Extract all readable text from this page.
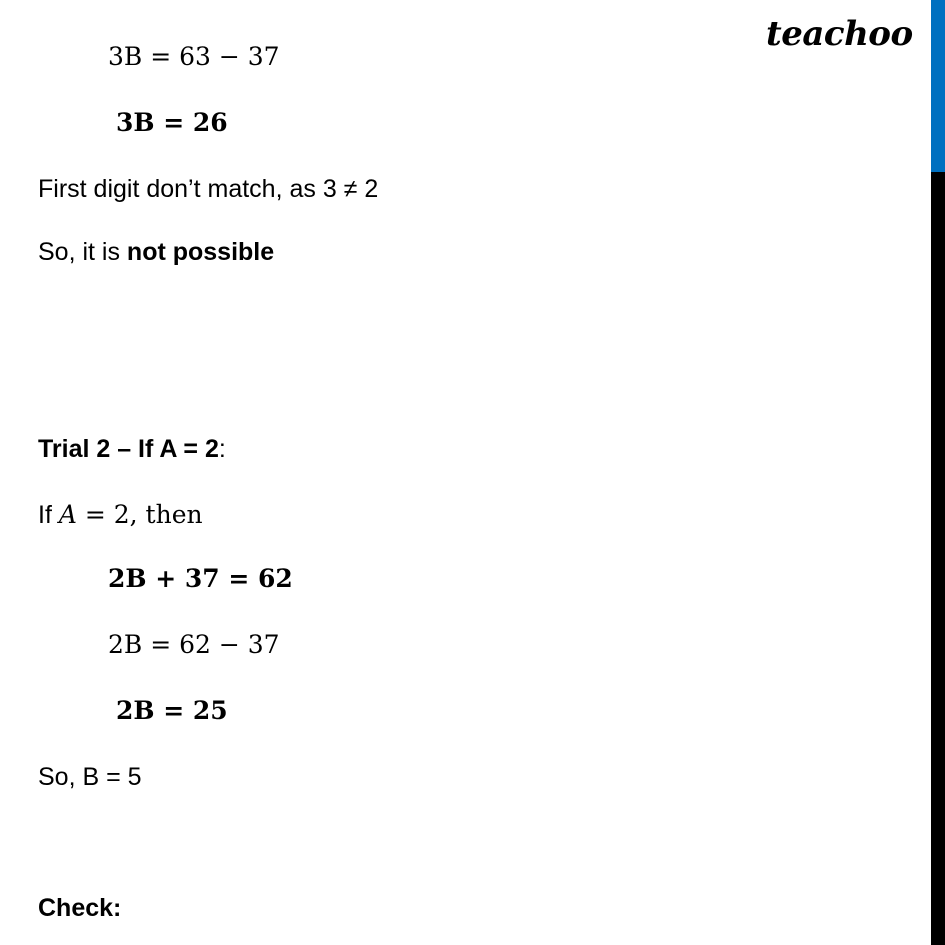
teachoo
3B = 63 − 37
3B = 26
First digit don’t match, as 3 ≠ 2
So, it is not possible
Trial 2 – If A = 2:
If A = 2, then
2B + 37 = 62
2B = 62 − 37
2B = 25
So, B = 5
Check:
